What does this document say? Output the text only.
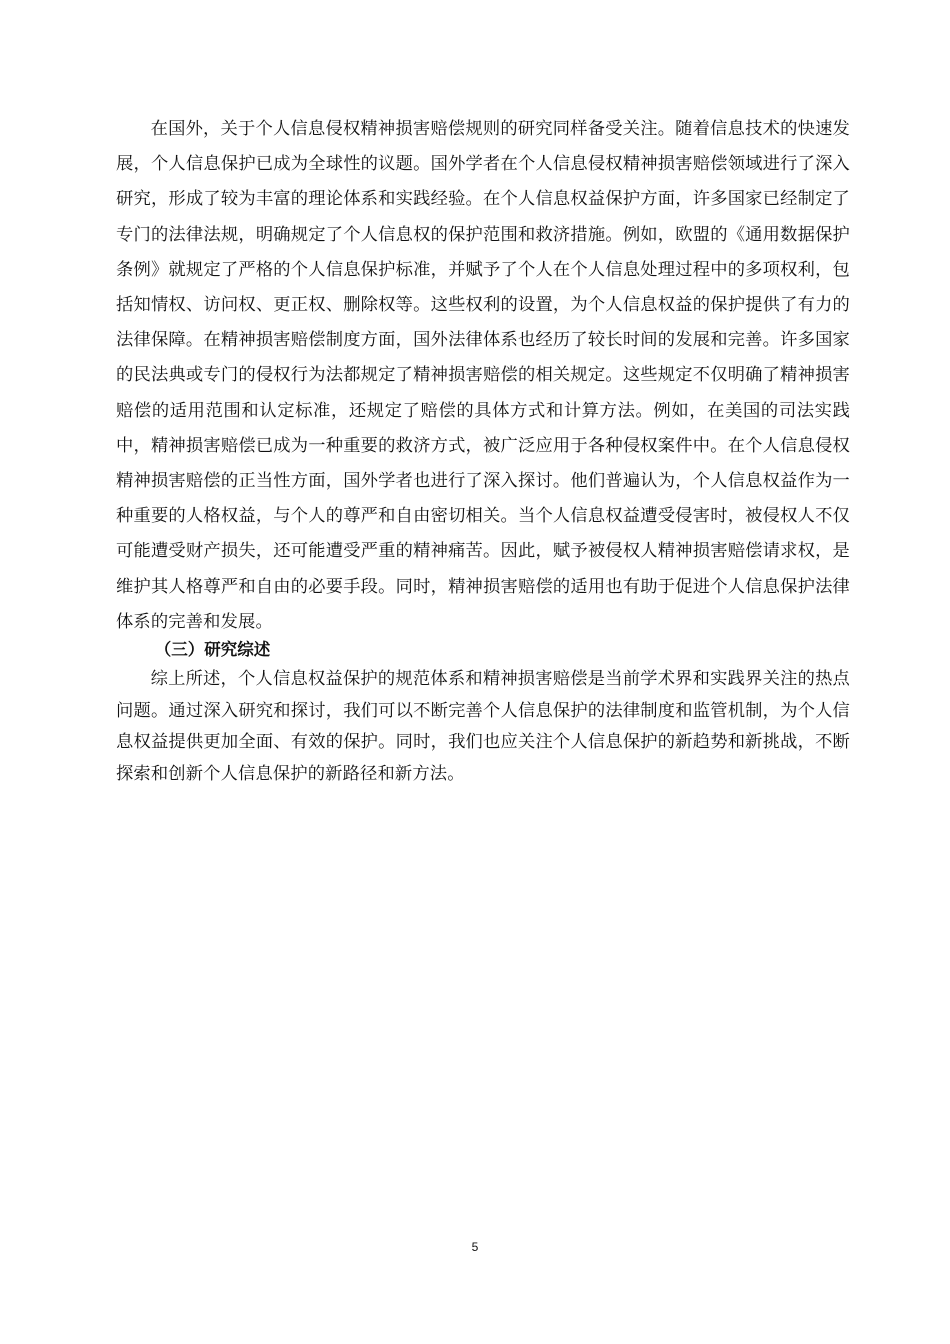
在国外，关于个人信息侵权精神损害赔偿规则的研究同样备受关注。随着信息技术的快速发展，个人信息保护已成为全球性的议题。国外学者在个人信息侵权精神损害赔偿领域进行了深入研究，形成了较为丰富的理论体系和实践经验。在个人信息权益保护方面，许多国家已经制定了专门的法律法规，明确规定了个人信息权的保护范围和救济措施。例如，欧盟的《通用数据保护条例》就规定了严格的个人信息保护标准，并赋予了个人在个人信息处理过程中的多项权利，包括知情权、访问权、更正权、删除权等。这些权利的设置，为个人信息权益的保护提供了有力的法律保障。在精神损害赔偿制度方面，国外法律体系也经历了较长时间的发展和完善。许多国家的民法典或专门的侵权行为法都规定了精神损害赔偿的相关规定。这些规定不仅明确了精神损害赔偿的适用范围和认定标准，还规定了赔偿的具体方式和计算方法。例如，在美国的司法实践中，精神损害赔偿已成为一种重要的救济方式，被广泛应用于各种侵权案件中。在个人信息侵权精神损害赔偿的正当性方面，国外学者也进行了深入探讨。他们普遍认为，个人信息权益作为一种重要的人格权益，与个人的尊严和自由密切相关。当个人信息权益遭受侵害时，被侵权人不仅可能遭受财产损失，还可能遭受严重的精神痛苦。因此，赋予被侵权人精神损害赔偿请求权，是维护其人格尊严和自由的必要手段。同时，精神损害赔偿的适用也有助于促进个人信息保护法律体系的完善和发展。

（三）研究综述

综上所述，个人信息权益保护的规范体系和精神损害赔偿是当前学术界和实践界关注的热点问题。通过深入研究和探讨，我们可以不断完善个人信息保护的法律制度和监管机制，为个人信息权益提供更加全面、有效的保护。同时，我们也应关注个人信息保护的新趋势和新挑战，不断探索和创新个人信息保护的新路径和新方法。

5
